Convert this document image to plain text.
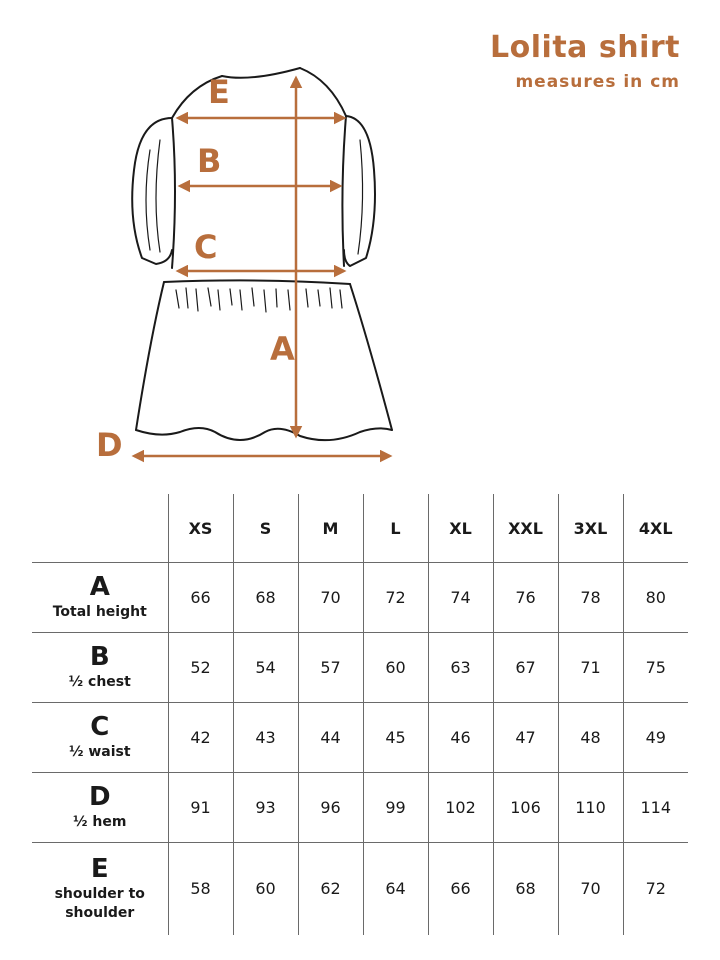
Lolita shirt
measures in cm
E
B
C
A
D
	XS	S	M	L	XL	XXL	3XL	4XL

A
Total height	66	68	70	72	74	76	78	80

B
½ chest	52	54	57	60	63	67	71	75

C
½ waist	42	43	44	45	46	47	48	49

D
½ hem	91	93	96	99	102	106	110	114

E
shoulder to shoulder	58	60	62	64	66	68	70	72
